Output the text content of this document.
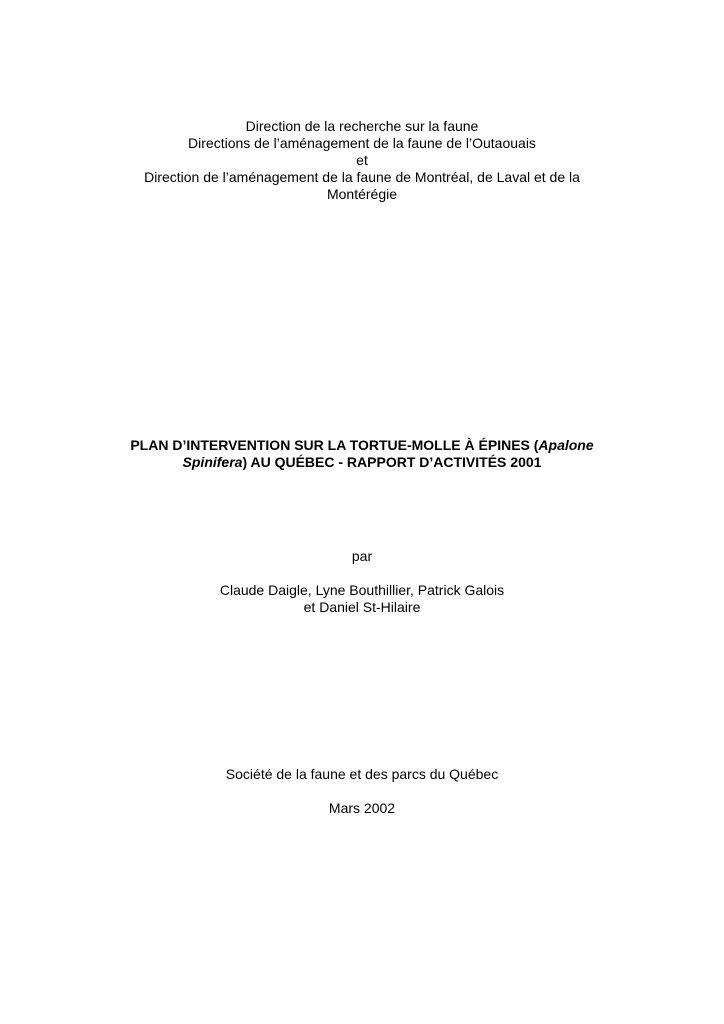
Direction de la recherche sur la faune
Directions de l’aménagement de la faune de l’Outaouais
et
Direction de l’aménagement de la faune de Montréal, de Laval et de la
Montérégie
PLAN D’INTERVENTION SUR LA TORTUE-MOLLE À ÉPINES (Apalone
Spinifera) AU QUÉBEC - RAPPORT D’ACTIVITÉS 2001
par
Claude Daigle, Lyne Bouthillier, Patrick Galois
et Daniel St-Hilaire
Société de la faune et des parcs du Québec
Mars 2002
